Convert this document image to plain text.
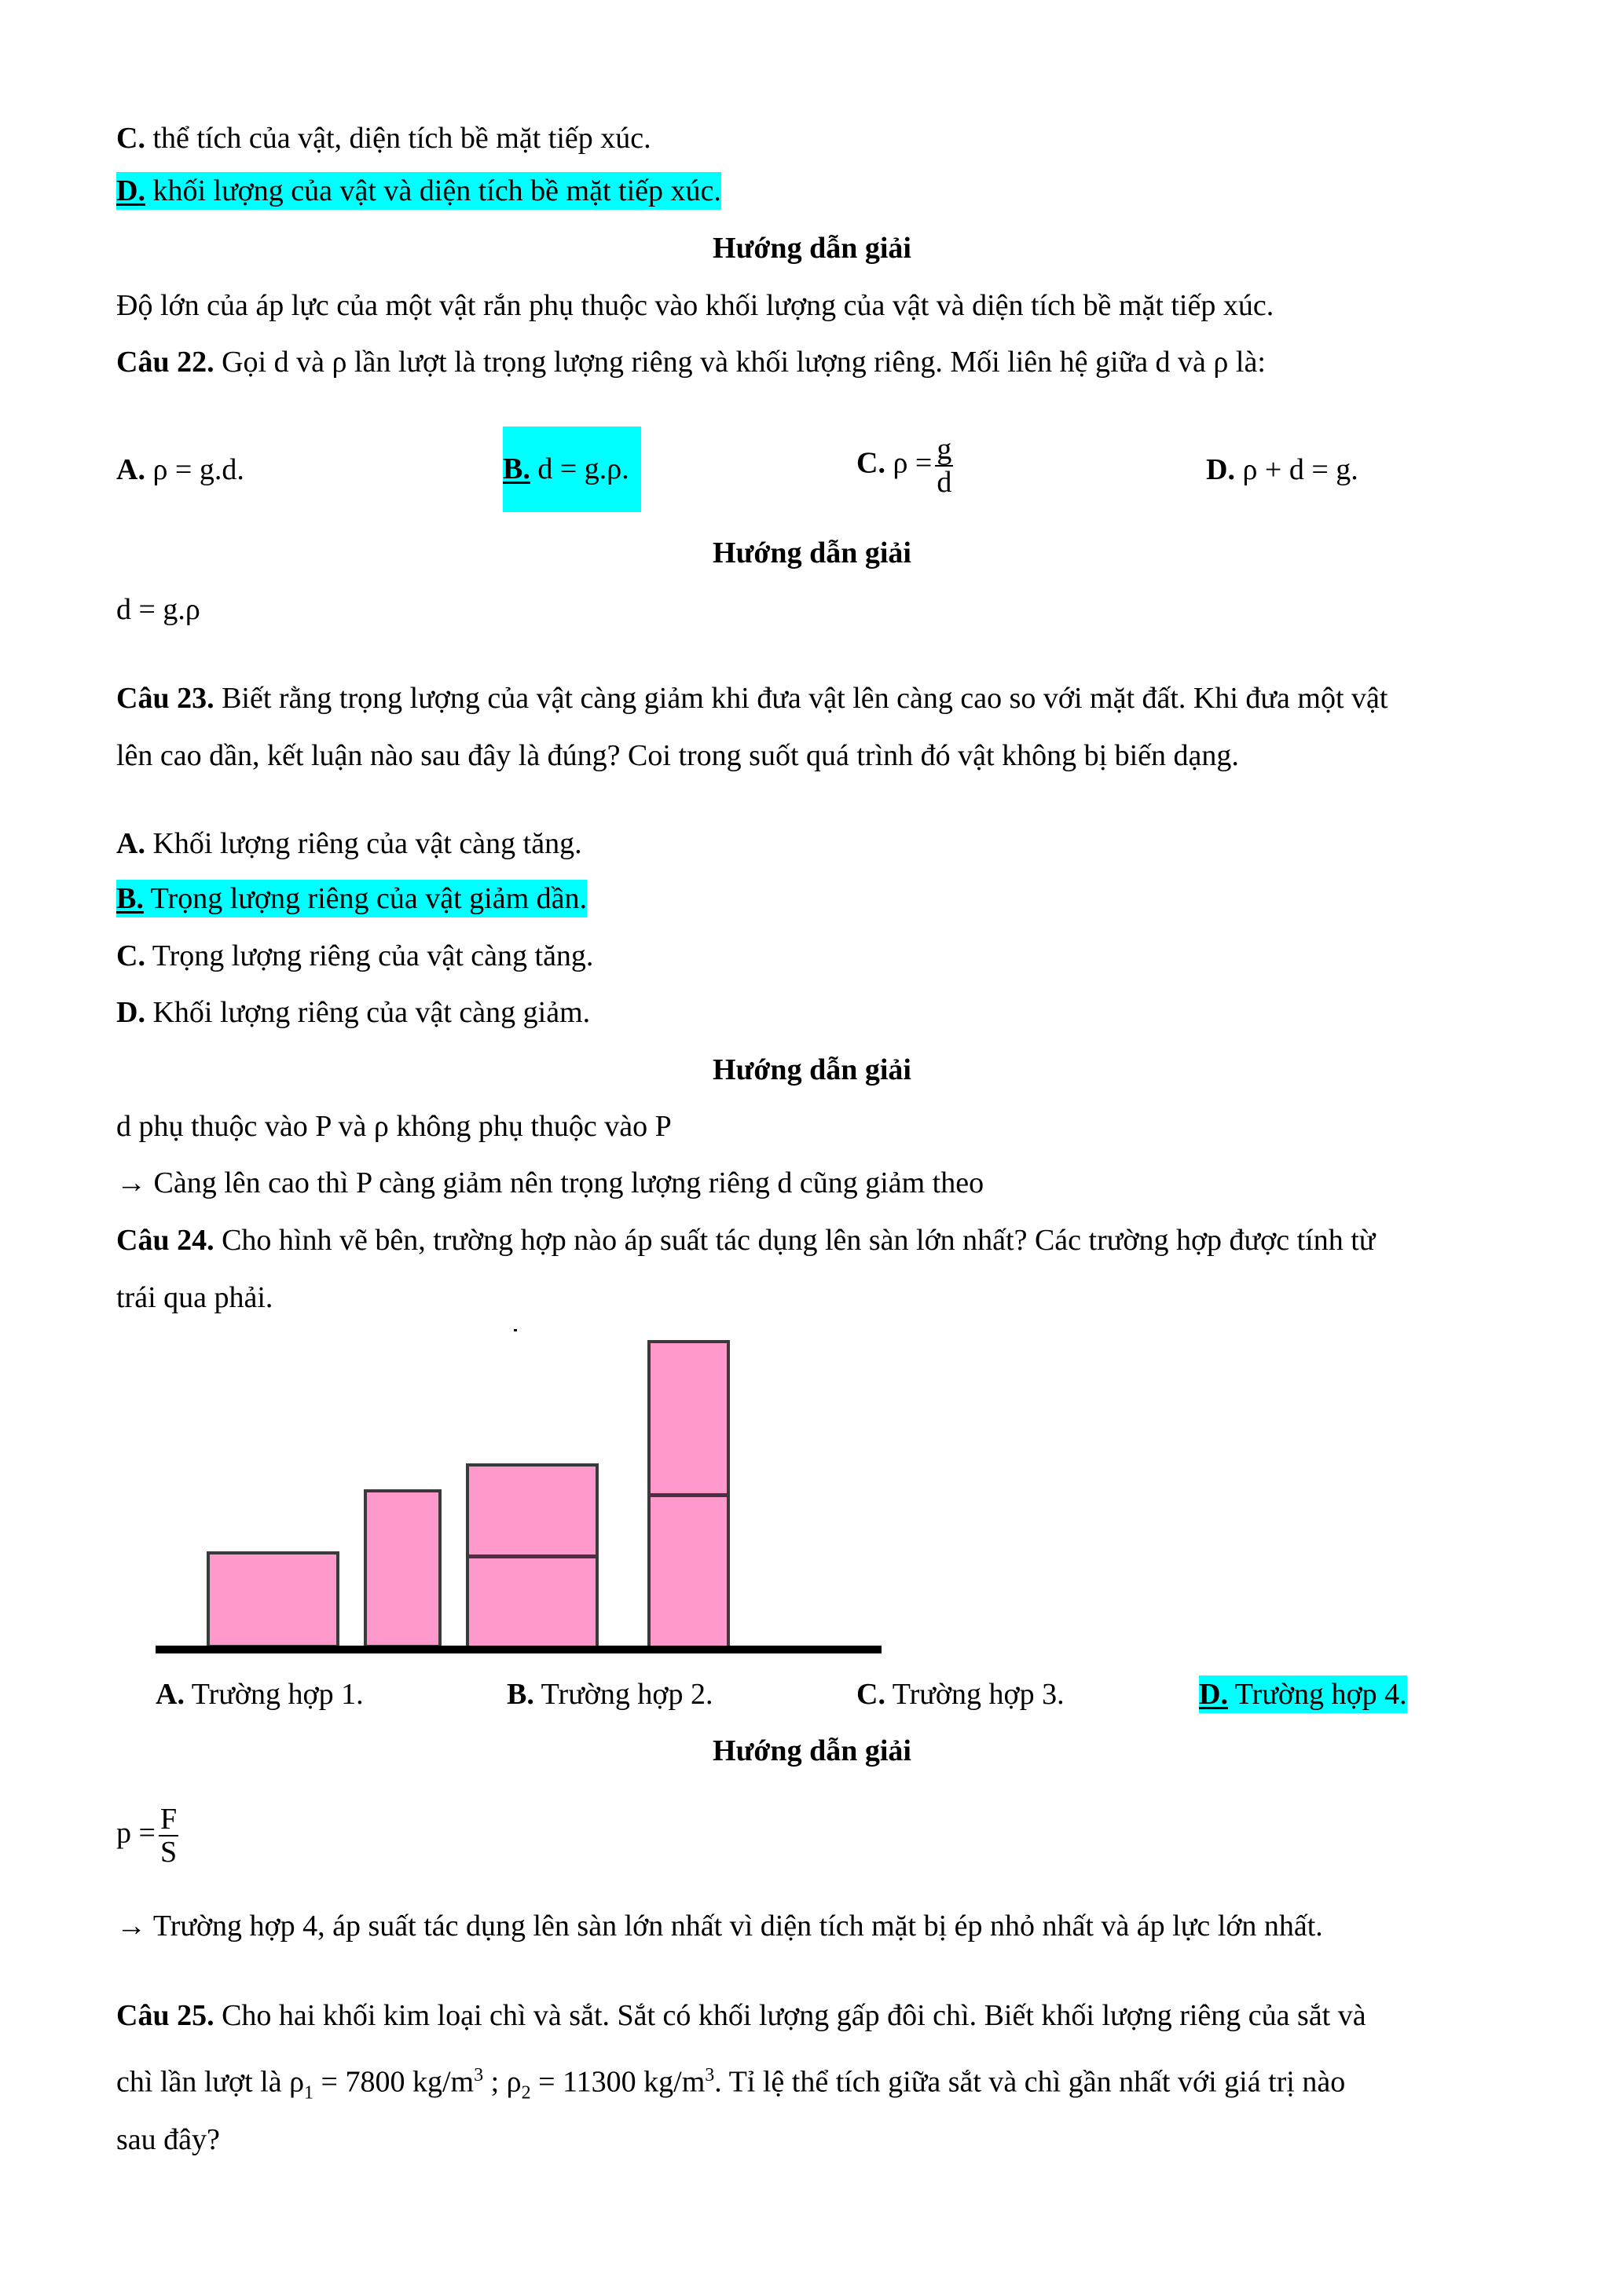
C. thể tích của vật, diện tích bề mặt tiếp xúc.
D. khối lượng của vật và diện tích bề mặt tiếp xúc.
Hướng dẫn giải
Độ lớn của áp lực của một vật rắn phụ thuộc vào khối lượng của vật và diện tích bề mặt tiếp xúc.
Câu 22. Gọi d và ρ lần lượt là trọng lượng riêng và khối lượng riêng. Mối liên hệ giữa d và ρ là:
A. ρ = g.d.	B. d = g.ρ.	C. $\rho = \frac{g}{d}$	D. ρ + d = g.
Hướng dẫn giải
d = g.ρ
Câu 23. Biết rằng trọng lượng của vật càng giảm khi đưa vật lên càng cao so với mặt đất. Khi đưa một vật
lên cao dần, kết luận nào sau đây là đúng? Coi trong suốt quá trình đó vật không bị biến dạng.
A. Khối lượng riêng của vật càng tăng.
B. Trọng lượng riêng của vật giảm dần.
C. Trọng lượng riêng của vật càng tăng.
D. Khối lượng riêng của vật càng giảm.
Hướng dẫn giải
d phụ thuộc vào P và ρ không phụ thuộc vào P
→ Càng lên cao thì P càng giảm nên trọng lượng riêng d cũng giảm theo
Câu 24. Cho hình vẽ bên, trường hợp nào áp suất tác dụng lên sàn lớn nhất? Các trường hợp được tính từ
trái qua phải.
A. Trường hợp 1.	B. Trường hợp 2.	C. Trường hợp 3.	D. Trường hợp 4.
Hướng dẫn giải
$p = \frac{F}{S}$
→ Trường hợp 4, áp suất tác dụng lên sàn lớn nhất vì diện tích mặt bị ép nhỏ nhất và áp lực lớn nhất.
Câu 25. Cho hai khối kim loại chì và sắt. Sắt có khối lượng gấp đôi chì. Biết khối lượng riêng của sắt và
chì lần lượt là $\rho_1 = 7800$ $kg/m^3$ ; $\rho_2 = 11300$ $kg/m^3$. Tỉ lệ thể tích giữa sắt và chì gần nhất với giá trị nào
sau đây?
